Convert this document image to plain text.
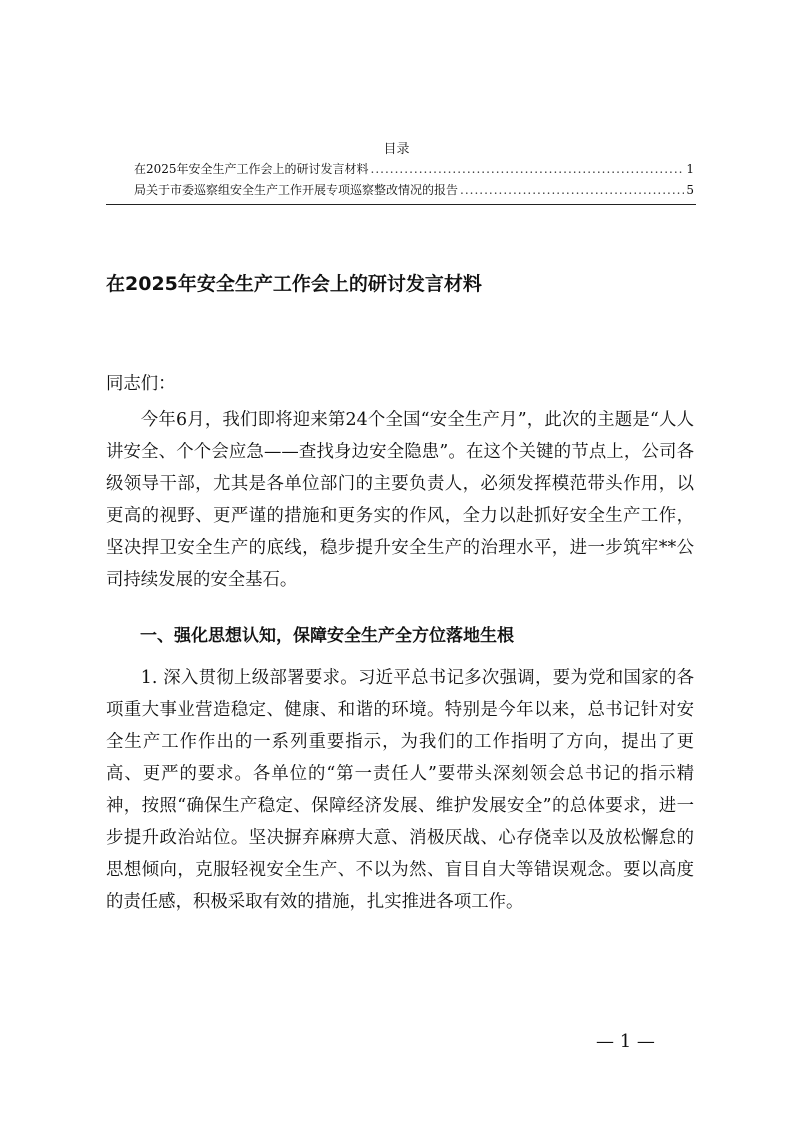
目录
在2025年安全生产工作会上的研讨发言材料 .....	1
局关于市委巡察组安全生产工作开展专项巡察整改情况的报告 .....	5
在2025年安全生产工作会上的研讨发言材料
同志们：

今年6月，我们即将迎来第24个全国“安全生产月”，此次的主题是“人人讲安全、个个会应急——查找身边安全隐患”。在这个关键的节点上，公司各级领导干部，尤其是各单位部门的主要负责人，必须发挥模范带头作用，以更高的视野、更严谨的措施和更务实的作风，全力以赴抓好安全生产工作，坚决捍卫安全生产的底线，稳步提升安全生产的治理水平，进一步筑牢**公司持续发展的安全基石。

一、强化思想认知，保障安全生产全方位落地生根

1. 深入贯彻上级部署要求。习近平总书记多次强调，要为党和国家的各项重大事业营造稳定、健康、和谐的环境。特别是今年以来，总书记针对安全生产工作作出的一系列重要指示，为我们的工作指明了方向，提出了更高、更严的要求。各单位的“第一责任人”要带头深刻领会总书记的指示精神，按照“确保生产稳定、保障经济发展、维护发展安全”的总体要求，进一步提升政治站位。坚决摒弃麻痹大意、消极厌战、心存侥幸以及放松懈怠的思想倾向，克服轻视安全生产、不以为然、盲目自大等错误观念。要以高度的责任感，积极采取有效的措施，扎实推进各项工作。

— 1 —
